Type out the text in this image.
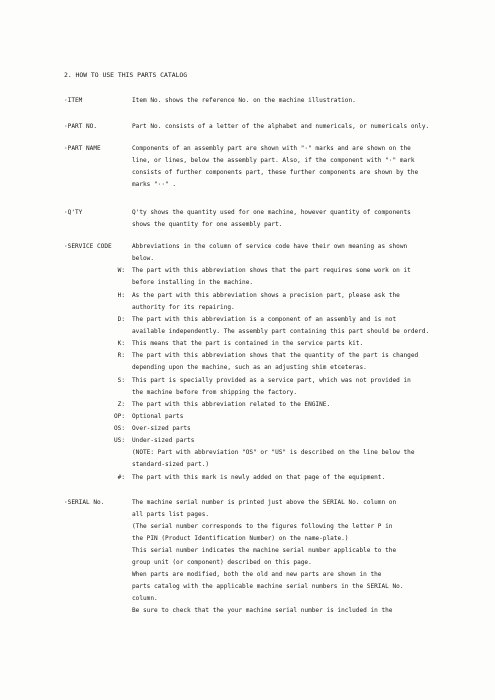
2. HOW TO USE THIS PARTS CATALOG
·ITEM	Item No. shows the reference No. on the machine illustration.
·PART NO.	Part No. consists of a letter of the alphabet and numericals, or numericals only.
·PART NAME	Components of an assembly part are shown with "·" marks and are shown on the
line, or lines, below the assembly part. Also, if the component with "·" mark
consists of further components part, these further components are shown by the
marks "··" .
·Q'TY	Q'ty shows the quantity used for one machine, however quantity of components
shows the quantity for one assembly part.
·SERVICE CODE	Abbreviations in the column of service code have their own meaning as shown
below.
W: The part with this abbreviation shows that the part requires some work on it
before installing in the machine.
H: As the part with this abbreviation shows a precision part, please ask the
authority for its repairing.
D: The part with this abbreviation is a component of an assembly and is not
available independently. The assembly part containing this part should be orderd.
K: This means that the part is contained in the service parts kit.
R: The part with this abbreviation shows that the quantity of the part is changed
depending upon the machine, such as an adjusting shim etceteras.
S: This part is specially provided as a service part, which was not provided in
the machine before from shipping the factory.
Z: The part with this abbreviation related to the ENGINE.
OP: Optional parts
OS: Over-sized parts
US: Under-sized parts
(NOTE: Part with abbreviation "OS" or "US" is described on the line below the
standard-sized part.)
#: The part with this mark is newly added on that page of the equipment.
·SERIAL No.	The machine serial number is printed just above the SERIAL No. column on
all parts list pages.
(The serial number corresponds to the figures following the letter P in
the PIN (Product Identification Number) on the name-plate.)
This serial number indicates the machine serial number applicable to the
group unit (or component) described on this page.
When parts are modified, both the old and new parts are shown in the
parts catalog with the applicable machine serial numbers in the SERIAL No.
column.
Be sure to check that the your machine serial number is included in the
